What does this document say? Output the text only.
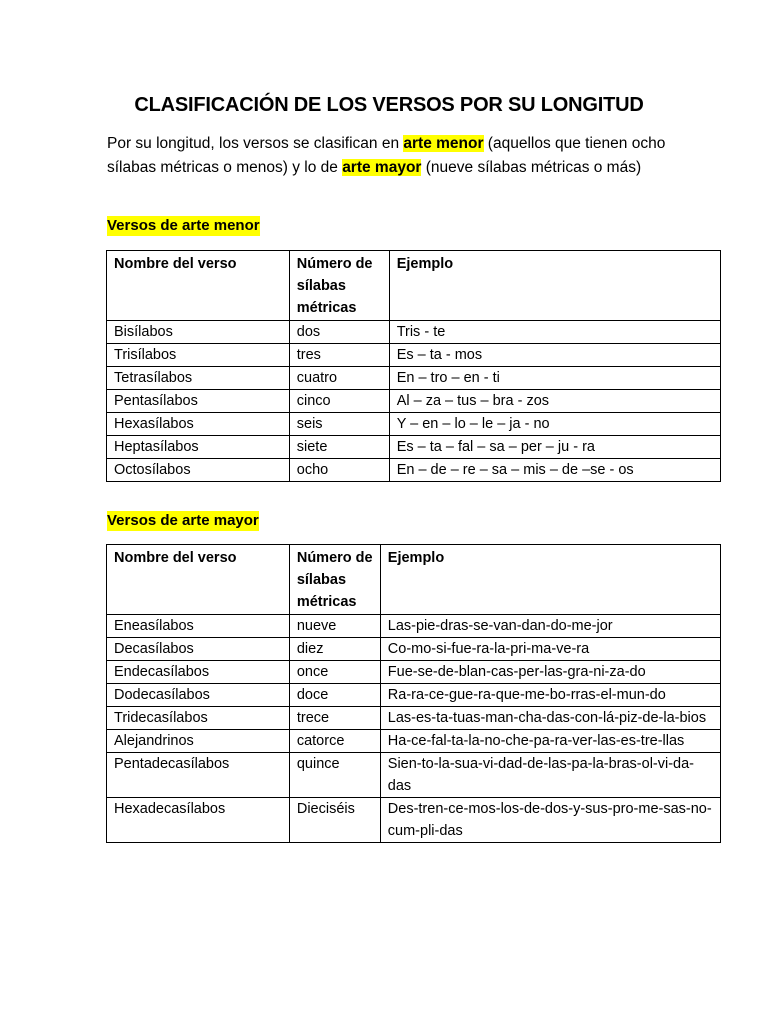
CLASIFICACIÓN DE LOS VERSOS POR SU LONGITUD
Por su longitud, los versos se clasifican en arte menor (aquellos que tienen ocho sílabas métricas o menos) y lo de arte mayor (nueve sílabas métricas o más)
Versos de arte menor
Nombre del verso	Número de sílabas métricas	Ejemplo
Bisílabos	dos	Tris - te
Trisílabos	tres	Es – ta - mos
Tetrasílabos	cuatro	En – tro – en - ti
Pentasílabos	cinco	Al – za – tus – bra - zos
Hexasílabos	seis	Y – en – lo – le – ja - no
Heptasílabos	siete	Es – ta – fal – sa – per – ju - ra
Octosílabos	ocho	En – de – re – sa – mis – de –se - os
Versos de arte mayor
Nombre del verso	Número de sílabas métricas	Ejemplo
Eneasílabos	nueve	Las-pie-dras-se-van-dan-do-me-jor
Decasílabos	diez	Co-mo-si-fue-ra-la-pri-ma-ve-ra
Endecasílabos	once	Fue-se-de-blan-cas-per-las-gra-ni-za-do
Dodecasílabos	doce	Ra-ra-ce-gue-ra-que-me-bo-rras-el-mun-do
Tridecasílabos	trece	Las-es-ta-tuas-man-cha-das-con-lá-piz-de-la-bios
Alejandrinos	catorce	Ha-ce-fal-ta-la-no-che-pa-ra-ver-las-es-tre-llas
Pentadecasílabos	quince	Sien-to-la-sua-vi-dad-de-las-pa-la-bras-ol-vi-da-das
Hexadecasílabos	Dieciséis	Des-tren-ce-mos-los-de-dos-y-sus-pro-me-sas-no-cum-pli-das
